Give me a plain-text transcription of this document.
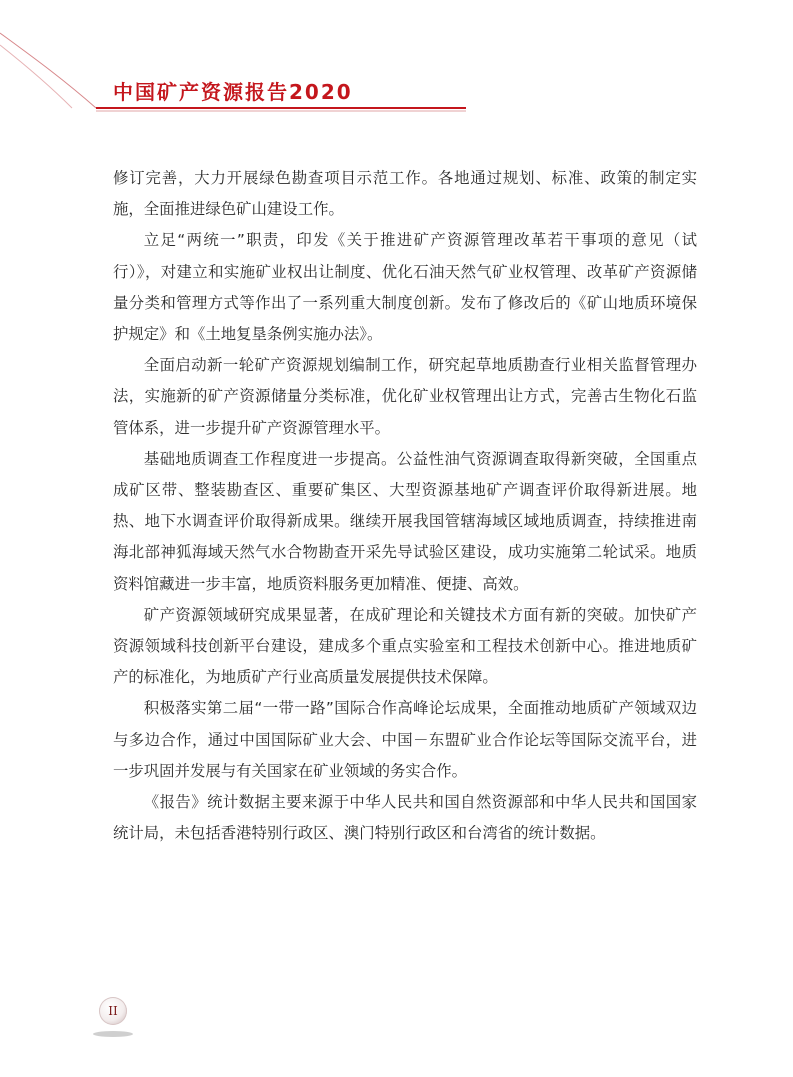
中国矿产资源报告2020

修订完善，大力开展绿色勘查项目示范工作。各地通过规划、标准、政策的制定实施，全面推进绿色矿山建设工作。

立足“两统一”职责，印发《关于推进矿产资源管理改革若干事项的意见（试行）》，对建立和实施矿业权出让制度、优化石油天然气矿业权管理、改革矿产资源储量分类和管理方式等作出了一系列重大制度创新。发布了修改后的《矿山地质环境保护规定》和《土地复垦条例实施办法》。

全面启动新一轮矿产资源规划编制工作，研究起草地质勘查行业相关监督管理办法，实施新的矿产资源储量分类标准，优化矿业权管理出让方式，完善古生物化石监管体系，进一步提升矿产资源管理水平。

基础地质调查工作程度进一步提高。公益性油气资源调查取得新突破，全国重点成矿区带、整装勘查区、重要矿集区、大型资源基地矿产调查评价取得新进展。地热、地下水调查评价取得新成果。继续开展我国管辖海域区域地质调查，持续推进南海北部神狐海域天然气水合物勘查开采先导试验区建设，成功实施第二轮试采。地质资料馆藏进一步丰富，地质资料服务更加精准、便捷、高效。

矿产资源领域研究成果显著，在成矿理论和关键技术方面有新的突破。加快矿产资源领域科技创新平台建设，建成多个重点实验室和工程技术创新中心。推进地质矿产的标准化，为地质矿产行业高质量发展提供技术保障。

积极落实第二届“一带一路”国际合作高峰论坛成果，全面推动地质矿产领域双边与多边合作，通过中国国际矿业大会、中国－东盟矿业合作论坛等国际交流平台，进一步巩固并发展与有关国家在矿业领域的务实合作。

《报告》统计数据主要来源于中华人民共和国自然资源部和中华人民共和国国家统计局，未包括香港特别行政区、澳门特别行政区和台湾省的统计数据。

II
